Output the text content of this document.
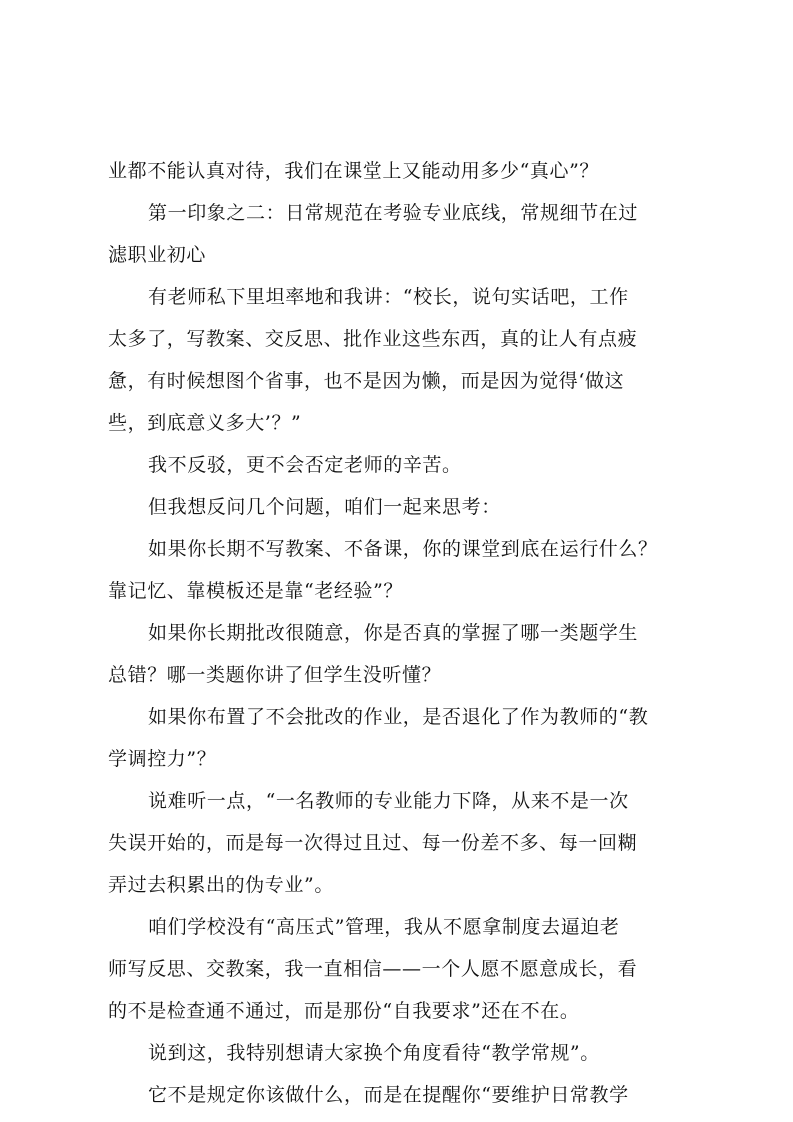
业都不能认真对待，我们在课堂上又能动用多少“真心”？
第一印象之二：日常规范在考验专业底线，常规细节在过
滤职业初心
有老师私下里坦率地和我讲：“校长，说句实话吧，工作
太多了，写教案、交反思、批作业这些东西，真的让人有点疲
惫，有时候想图个省事，也不是因为懒，而是因为觉得‘做这
些，到底意义多大’？”
我不反驳，更不会否定老师的辛苦。
但我想反问几个问题，咱们一起来思考：
如果你长期不写教案、不备课，你的课堂到底在运行什么？
靠记忆、靠模板还是靠“老经验”？
如果你长期批改很随意，你是否真的掌握了哪一类题学生
总错？哪一类题你讲了但学生没听懂？
如果你布置了不会批改的作业，是否退化了作为教师的“教
学调控力”？
说难听一点，“一名教师的专业能力下降，从来不是一次
失误开始的，而是每一次得过且过、每一份差不多、每一回糊
弄过去积累出的伪专业”。
咱们学校没有“高压式”管理，我从不愿拿制度去逼迫老
师写反思、交教案，我一直相信——一个人愿不愿意成长，看
的不是检查通不通过，而是那份“自我要求”还在不在。
说到这，我特别想请大家换个角度看待“教学常规”。
它不是规定你该做什么，而是在提醒你“要维护日常教学
